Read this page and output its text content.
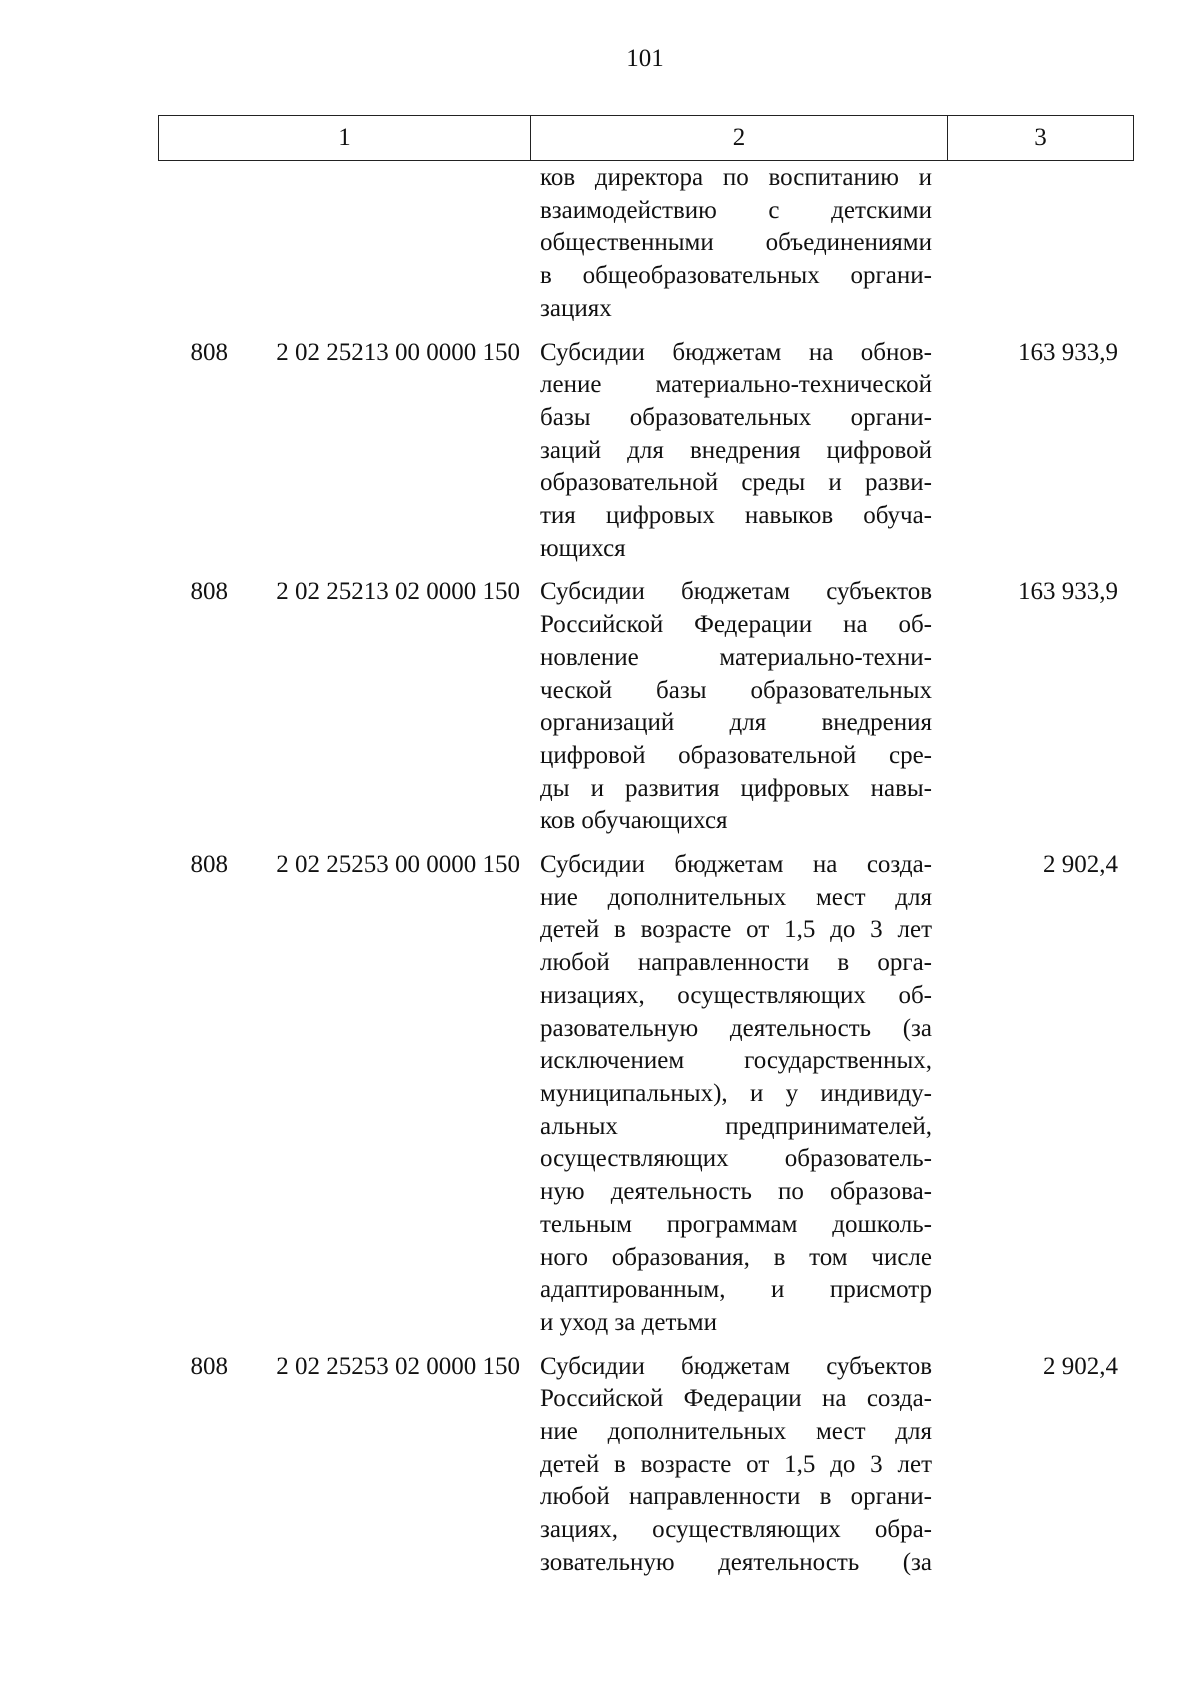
101
1	2	3
ков директора по воспитанию и
взаимодействию с детскими
общественными объединениями
в общеобразовательных органи-
зациях
808	2 02 25213 00 0000 150 Субсидии бюджетам на обнов-
ление материально-технической
базы образовательных органи-
заций для внедрения цифровой
образовательной среды и разви-
тия цифровых навыков обуча-
ющихся
163 933,9
808	2 02 25213 02 0000 150 Субсидии бюджетам субъектов
Российской Федерации на об-
новление материально-техни-
ческой базы образовательных
организаций для внедрения
цифровой образовательной сре-
ды и развития цифровых навы-
ков обучающихся
163 933,9
808	2 02 25253 00 0000 150 Субсидии бюджетам на созда-
ние дополнительных мест для
детей в возрасте от 1,5 до 3 лет
любой направленности в орга-
низациях, осуществляющих об-
разовательную деятельность (за
исключением государственных,
муниципальных), и у индивиду-
альных предпринимателей,
осуществляющих образователь-
ную деятельность по образова-
тельным программам дошколь-
ного образования, в том числе
адаптированным, и присмотр
и уход за детьми
2 902,4
808	2 02 25253 02 0000 150 Субсидии бюджетам субъектов
Российской Федерации на созда-
ние дополнительных мест для
детей в возрасте от 1,5 до 3 лет
любой направленности в органи-
зациях, осуществляющих обра-
зовательную деятельность (за
2 902,4
